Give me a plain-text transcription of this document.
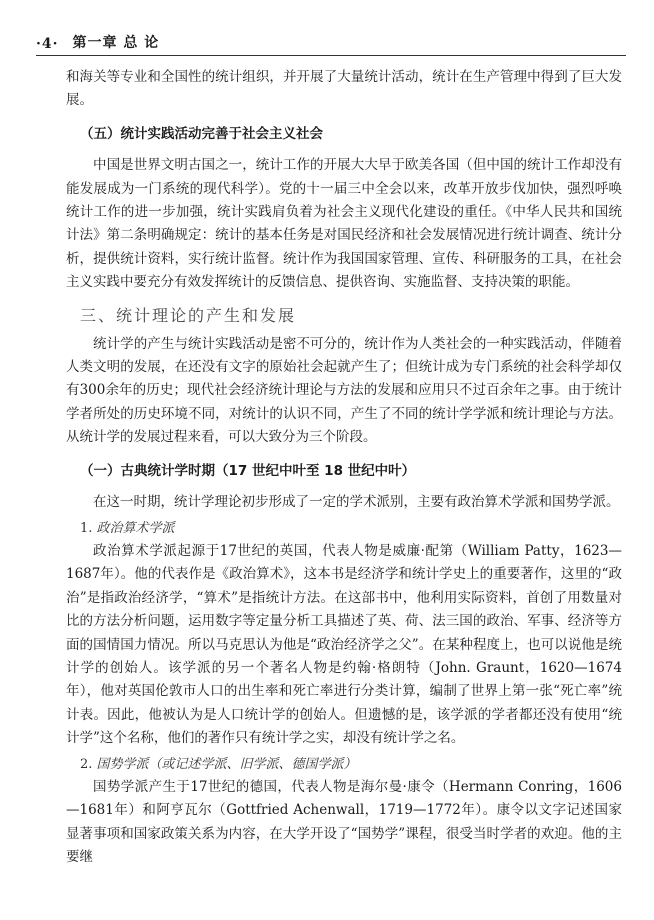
·4· 第一章 总 论

和海关等专业和全国性的统计组织，并开展了大量统计活动，统计在生产管理中得到了巨大发展。

（五）统计实践活动完善于社会主义社会

中国是世界文明古国之一，统计工作的开展大大早于欧美各国（但中国的统计工作却没有能发展成为一门系统的现代科学）。党的十一届三中全会以来，改革开放步伐加快，强烈呼唤统计工作的进一步加强，统计实践肩负着为社会主义现代化建设的重任。《中华人民共和国统计法》第二条明确规定：统计的基本任务是对国民经济和社会发展情况进行统计调查、统计分析，提供统计资料，实行统计监督。统计作为我国国家管理、宣传、科研服务的工具，在社会主义实践中要充分有效发挥统计的反馈信息、提供咨询、实施监督、支持决策的职能。

三、统计理论的产生和发展

统计学的产生与统计实践活动是密不可分的，统计作为人类社会的一种实践活动，伴随着人类文明的发展，在还没有文字的原始社会起就产生了；但统计成为专门系统的社会科学却仅有300余年的历史；现代社会经济统计理论与方法的发展和应用只不过百余年之事。由于统计学者所处的历史环境不同，对统计的认识不同，产生了不同的统计学学派和统计理论与方法。从统计学的发展过程来看，可以大致分为三个阶段。

（一）古典统计学时期（17 世纪中叶至 18 世纪中叶）

在这一时期，统计学理论初步形成了一定的学术派别，主要有政治算术学派和国势学派。

1. 政治算术学派

政治算术学派起源于17世纪的英国，代表人物是威廉·配第（William Patty，1623—1687年）。他的代表作是《政治算术》，这本书是经济学和统计学史上的重要著作，这里的“政治”是指政治经济学，“算术”是指统计方法。在这部书中，他利用实际资料，首创了用数量对比的方法分析问题，运用数字等定量分析工具描述了英、荷、法三国的政治、军事、经济等方面的国情国力情况。所以马克思认为他是“政治经济学之父”。在某种程度上，也可以说他是统计学的创始人。该学派的另一个著名人物是约翰·格朗特（John. Graunt，1620—1674年），他对英国伦敦市人口的出生率和死亡率进行分类计算，编制了世界上第一张“死亡率”统计表。因此，他被认为是人口统计学的创始人。但遗憾的是，该学派的学者都还没有使用“统计学”这个名称，他们的著作只有统计学之实，却没有统计学之名。

2. 国势学派（或记述学派、旧学派、德国学派）

国势学派产生于17世纪的德国，代表人物是海尔曼·康令（Hermann Conring，1606—1681年）和阿亨瓦尔（Gottfried Achenwall，1719—1772年）。康令以文字记述国家显著事项和国家政策关系为内容，在大学开设了“国势学”课程，很受当时学者的欢迎。他的主要继
